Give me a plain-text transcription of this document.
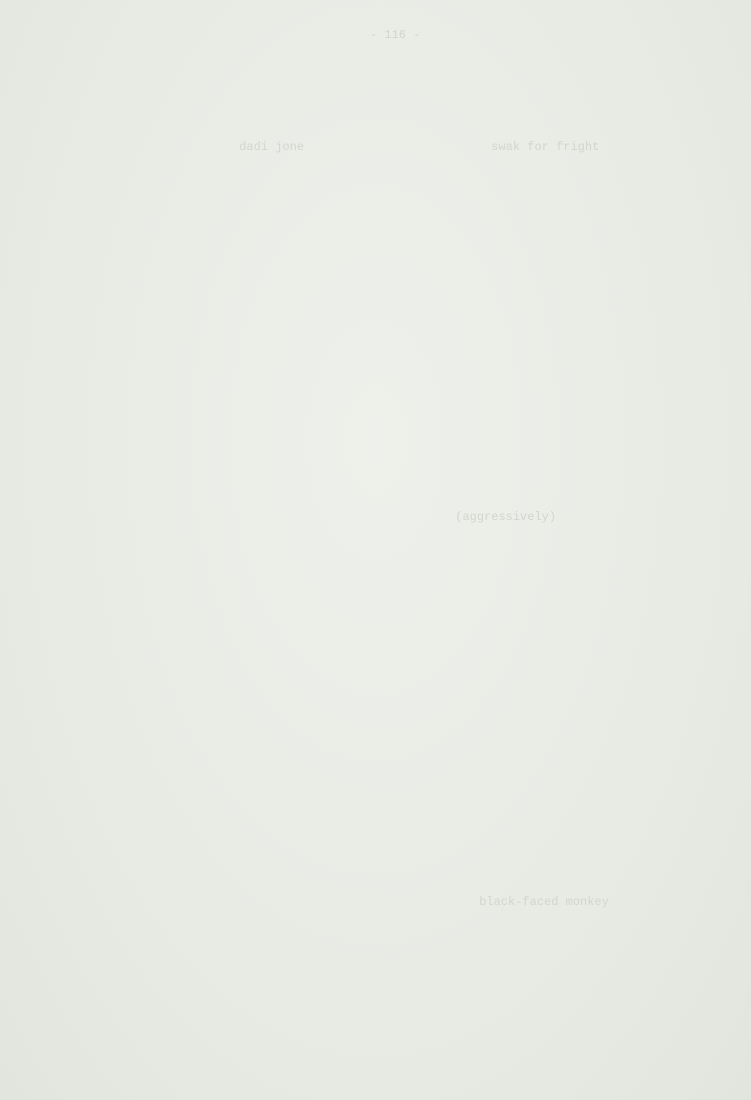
- 116 -
dadi jone                          swak for fright
(aggressively)
black-faced monkey
